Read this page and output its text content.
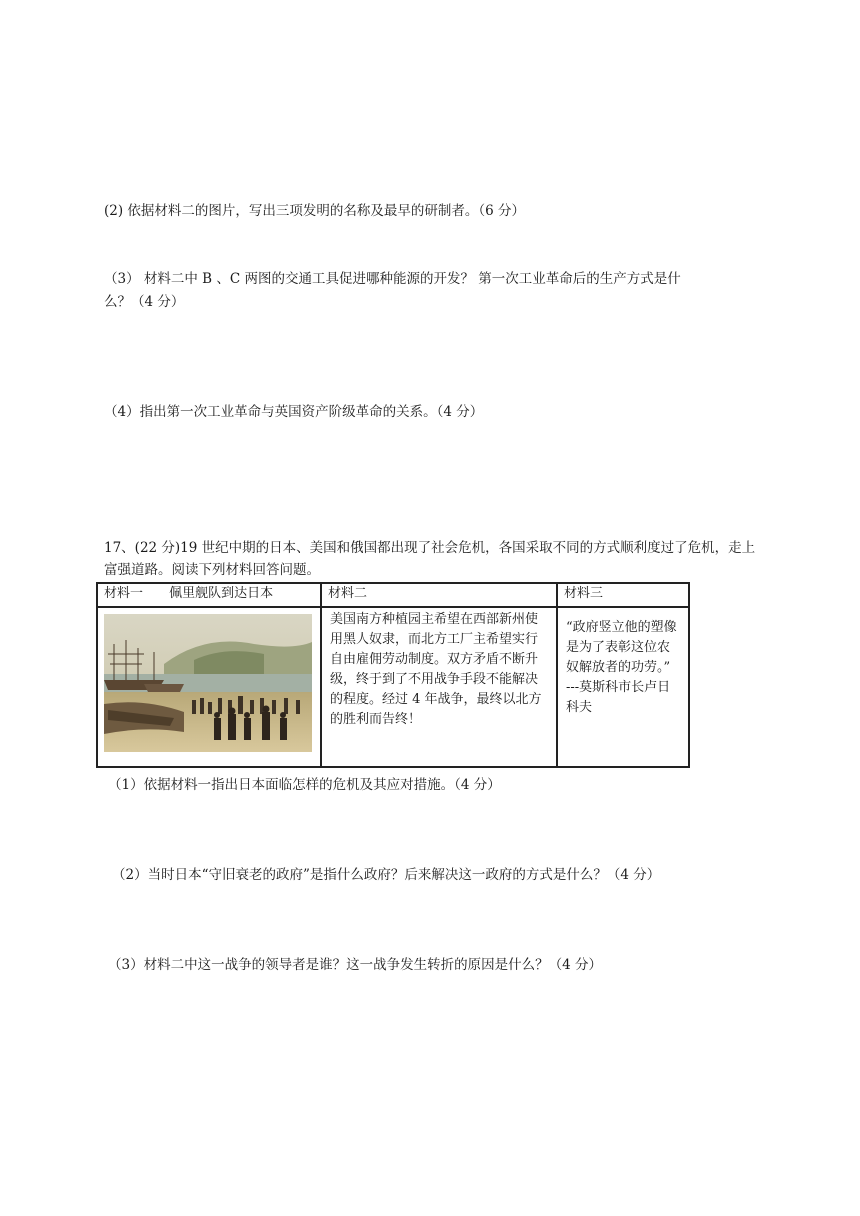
(2) 依据材料二的图片，写出三项发明的名称及最早的研制者。（6 分）
（3） 材料二中 B 、C 两图的交通工具促进哪种能源的开发？ 第一次工业革命后的生产方式是什
么？（4 分）
（4）指出第一次工业革命与英国资产阶级革命的关系。（4 分）
17、(22 分)19 世纪中期的日本、美国和俄国都出现了社会危机，各国采取不同的方式顺利度过了危机，走上富强道路。阅读下列材料回答问题。
材料一 佩里舰队到达日本	材料二	材料三

	美国南方种植园主希望在西部新州使用黑人奴隶，而北方工厂主希望实行自由雇佣劳动制度。双方矛盾不断升级，终于到了不用战争手段不能解决的程度。经过 4 年战争，最终以北方的胜利而告终！	“政府竖立他的塑像是为了表彰这位农奴解放者的功劳。”
---莫斯科市长卢日科夫
（1）依据材料一指出日本面临怎样的危机及其应对措施。（4 分）
（2）当时日本“守旧衰老的政府”是指什么政府？后来解决这一政府的方式是什么？（4 分）
（3）材料二中这一战争的领导者是谁？这一战争发生转折的原因是什么？（4 分）
